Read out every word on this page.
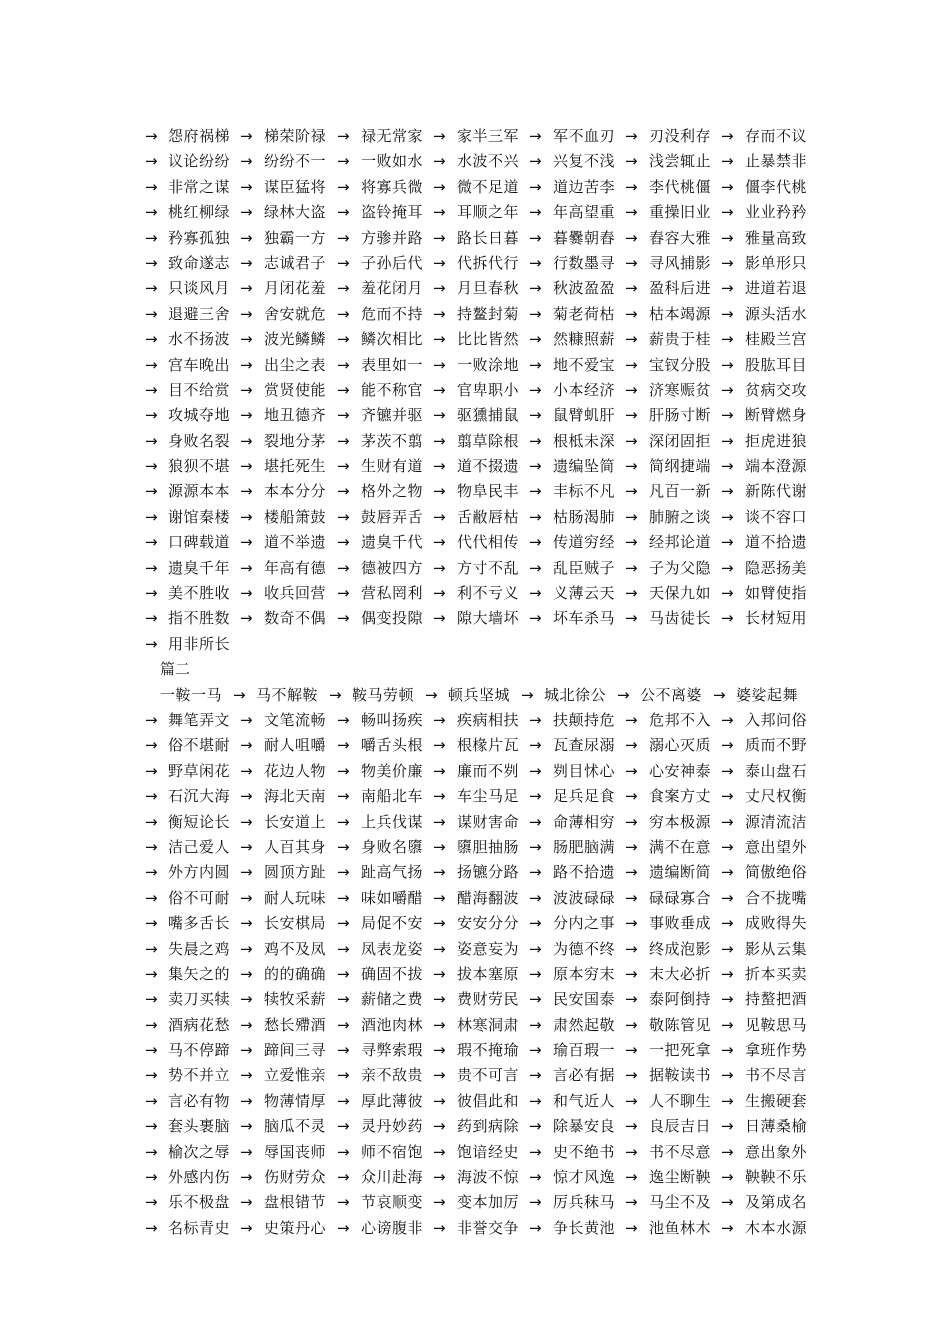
→ 怨府祸梯 → 梯荣阶禄 → 禄无常家 → 家半三军 → 军不血刃 → 刃没利存 → 存而不议
→ 议论纷纷 → 纷纷不一 → 一败如水 → 水波不兴 → 兴复不浅 → 浅尝辄止 → 止暴禁非
→ 非常之谋 → 谋臣猛将 → 将寡兵微 → 微不足道 → 道边苦李 → 李代桃僵 → 僵李代桃
→ 桃红柳绿 → 绿林大盗 → 盗铃掩耳 → 耳顺之年 → 年高望重 → 重操旧业 → 业业矜矜
→ 矜寡孤独 → 独霸一方 → 方骖并路 → 路长日暮 → 暮爨朝舂 → 舂容大雅 → 雅量高致
→ 致命遂志 → 志诚君子 → 子孙后代 → 代拆代行 → 行数墨寻 → 寻风捕影 → 影单形只
→ 只谈风月 → 月闭花羞 → 羞花闭月 → 月旦春秋 → 秋波盈盈 → 盈科后进 → 进道若退
→ 退避三舍 → 舍安就危 → 危而不持 → 持鳌封菊 → 菊老荷枯 → 枯本竭源 → 源头活水
→ 水不扬波 → 波光鳞鳞 → 鳞次相比 → 比比皆然 → 然糠照薪 → 薪贵于桂 → 桂殿兰宫
→ 宫车晚出 → 出尘之表 → 表里如一 → 一败涂地 → 地不爱宝 → 宝钗分股 → 股肱耳目
→ 目不给赏 → 赏贤使能 → 能不称官 → 官卑职小 → 小本经济 → 济寒赈贫 → 贫病交攻
→ 攻城夺地 → 地丑德齐 → 齐镳并驱 → 驱獯捕鼠 → 鼠臂虮肝 → 肝肠寸断 → 断臂燃身
→ 身败名裂 → 裂地分茅 → 茅茨不翦 → 翦草除根 → 根柢未深 → 深闭固拒 → 拒虎进狼
→ 狼狈不堪 → 堪托死生 → 生财有道 → 道不掇遗 → 遗编坠简 → 简纲捷端 → 端本澄源
→ 源源本本 → 本本分分 → 格外之物 → 物阜民丰 → 丰标不凡 → 凡百一新 → 新陈代谢
→ 谢馆秦楼 → 楼船箫鼓 → 鼓唇弄舌 → 舌敝唇枯 → 枯肠渴肺 → 肺腑之谈 → 谈不容口
→ 口碑载道 → 道不举遗 → 遗臭千代 → 代代相传 → 传道穷经 → 经邦论道 → 道不拾遗
→ 遗臭千年 → 年高有德 → 德被四方 → 方寸不乱 → 乱臣贼子 → 子为父隐 → 隐恶扬美
→ 美不胜收 → 收兵回营 → 营私罔利 → 利不亏义 → 义薄云天 → 天保九如 → 如臂使指
→ 指不胜数 → 数奇不偶 → 偶变投隙 → 隙大墙坏 → 坏车杀马 → 马齿徒长 → 长材短用
→ 用非所长
篇二
一鞍一马 → 马不解鞍 → 鞍马劳顿 → 顿兵坚城 → 城北徐公 → 公不离婆 → 婆娑起舞
→ 舞笔弄文 → 文笔流畅 → 畅叫扬疾 → 疾病相扶 → 扶颠持危 → 危邦不入 → 入邦问俗
→ 俗不堪耐 → 耐人咀嚼 → 嚼舌头根 → 根椽片瓦 → 瓦查尿溺 → 溺心灭质 → 质而不野
→ 野草闲花 → 花边人物 → 物美价廉 → 廉而不刿 → 刿目怵心 → 心安神泰 → 泰山盘石
→ 石沉大海 → 海北天南 → 南船北车 → 车尘马足 → 足兵足食 → 食案方丈 → 丈尺权衡
→ 衡短论长 → 长安道上 → 上兵伐谋 → 谋财害命 → 命薄相穷 → 穷本极源 → 源清流洁
→ 洁己爱人 → 人百其身 → 身败名隳 → 隳胆抽肠 → 肠肥脑满 → 满不在意 → 意出望外
→ 外方内圆 → 圆顶方趾 → 趾高气扬 → 扬镳分路 → 路不拾遗 → 遗编断简 → 简傲绝俗
→ 俗不可耐 → 耐人玩味 → 味如嚼醋 → 醋海翻波 → 波波碌碌 → 碌碌寡合 → 合不拢嘴
→ 嘴多舌长 → 长安棋局 → 局促不安 → 安安分分 → 分内之事 → 事败垂成 → 成败得失
→ 失晨之鸡 → 鸡不及凤 → 凤表龙姿 → 姿意妄为 → 为德不终 → 终成泡影 → 影从云集
→ 集矢之的 → 的的确确 → 确固不拔 → 拔本塞原 → 原本穷末 → 末大必折 → 折本买卖
→ 卖刀买犊 → 犊牧采薪 → 薪储之费 → 费财劳民 → 民安国泰 → 泰阿倒持 → 持螯把酒
→ 酒病花愁 → 愁长殢酒 → 酒池肉林 → 林寒洞肃 → 肃然起敬 → 敬陈管见 → 见鞍思马
→ 马不停蹄 → 蹄间三寻 → 寻弊索瑕 → 瑕不掩瑜 → 瑜百瑕一 → 一把死拿 → 拿班作势
→ 势不并立 → 立爱惟亲 → 亲不敌贵 → 贵不可言 → 言必有据 → 据鞍读书 → 书不尽言
→ 言必有物 → 物薄情厚 → 厚此薄彼 → 彼倡此和 → 和气近人 → 人不聊生 → 生搬硬套
→ 套头裹脑 → 脑瓜不灵 → 灵丹妙药 → 药到病除 → 除暴安良 → 良辰吉日 → 日薄桑榆
→ 榆次之辱 → 辱国丧师 → 师不宿饱 → 饱谙经史 → 史不绝书 → 书不尽意 → 意出象外
→ 外感内伤 → 伤财劳众 → 众川赴海 → 海波不惊 → 惊才风逸 → 逸尘断鞅 → 鞅鞅不乐
→ 乐不极盘 → 盘根错节 → 节哀顺变 → 变本加厉 → 厉兵秣马 → 马尘不及 → 及第成名
→ 名标青史 → 史策丹心 → 心谤腹非 → 非誉交争 → 争长黄池 → 池鱼林木 → 木本水源
